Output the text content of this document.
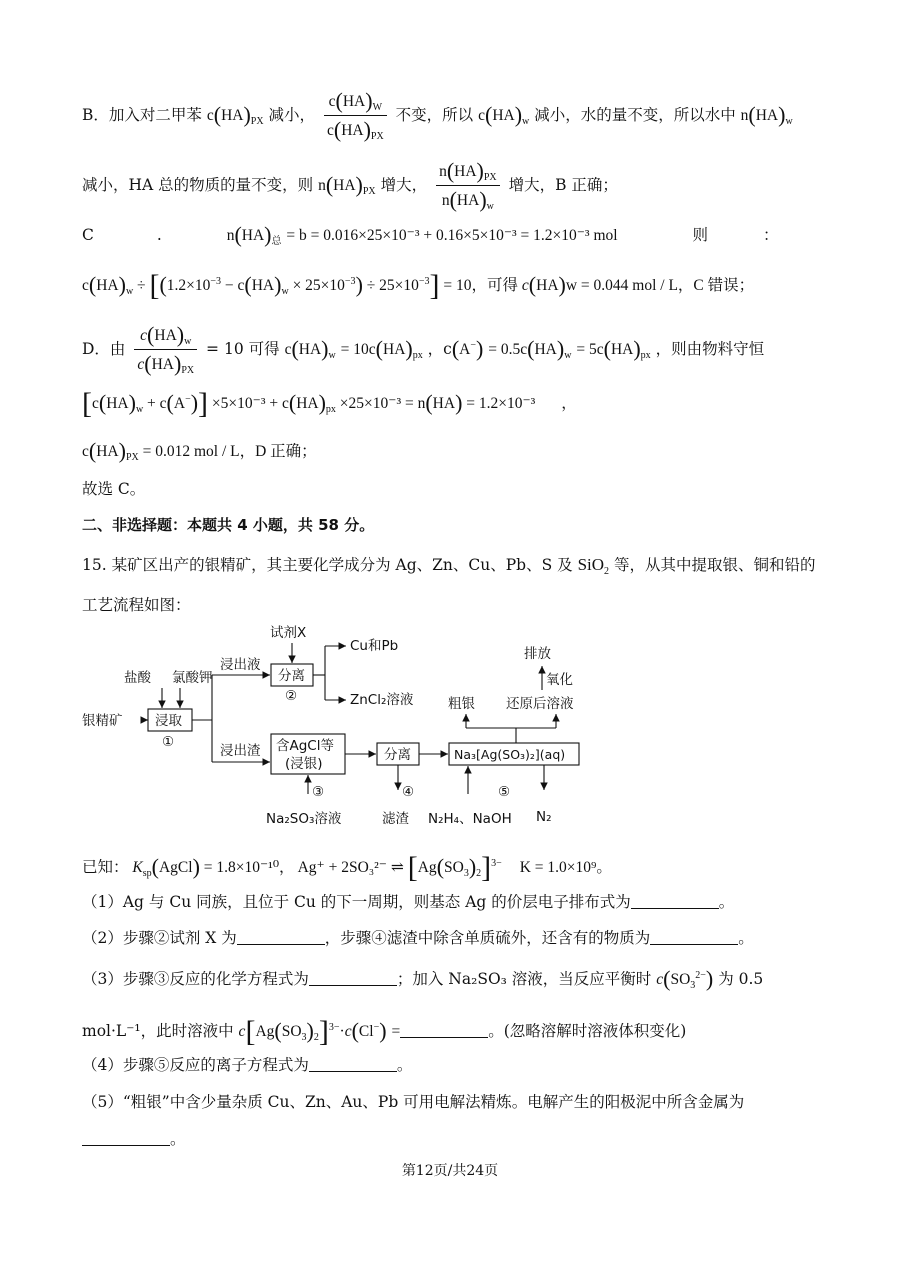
B．加入对二甲苯 $c(HA)_{PX}$ 减小， $\frac{c(HA)_W}{c(HA)_{PX}}$ 不变，所以 $c(HA)_w$ 减小，水的量不变，所以水中 $n(HA)_w$
减小，HA 总的物质的量不变，则 $n(HA)_{PX}$ 增大， $\frac{n(HA)_{PX}}{n(HA)_w}$ 增大，B 正确；
C	.	$n(HA)_总 = b = 0.016\times 25\times 10^{-3} + 0.16\times 5\times 10^{-3} = 1.2\times 10^{-3}$ mol	则	：
$c(HA)_w \div [(1.2\times 10^{-3} - c(HA)_w \times 25\times 10^{-3}) \div 25\times 10^{-3}] = 10$，可得 c(HA)w = 0.044 mol / L，C 错误；
D．由 $\frac{c(HA)_w}{c(HA)_{PX}} = 10$ 可得 $c(HA)_w = 10c(HA)_{px}$ ，$c(A^-) = 0.5c(HA)_w = 5c(HA)_{px}$ ，则由物料守恒
$[c(HA)_w + c(A^-)] \times 5\times 10^{-3} + c(HA)_{px} \times 25\times 10^{-3} = n(HA) = 1.2\times 10^{-3}$ ，
$c(HA)_{PX} = 0.012$ mol / L，D 正确；
故选 C。
二、非选择题：本题共 4 小题，共 58 分。
15. 某矿区出产的银精矿，其主要化学成分为 Ag、Zn、Cu、Pb、S 及 SiO$_2$ 等，从其中提取银、铜和铅的
工艺流程如图：
试剂X
Cu和Pb
浸出液
分离
②	ZnCl₂溶液
盐酸 氯酸钾
银精矿 浸取
①
浸出渣 含AgCl等
(浸银)
③
Na₂SO₃溶液
分离
④
滤渣
Na₃[Ag(SO₃)₂](aq)
⑤
N₂H₄、NaOH N₂
排放
氧化
粗银 还原后溶液
已知： $K_{sp}(AgCl) = 1.8\times 10^{-10}$， Ag⁺ + 2SO₃²⁻ ⇌ $[Ag(SO_3)_2]^{3-}$ K = 1.0×10⁹。
（1）Ag 与 Cu 同族，且位于 Cu 的下一周期，则基态 Ag 的价层电子排布式为	。
（2）步骤②试剂 X 为	，步骤④滤渣中除含单质硫外，还含有的物质为	。
（3）步骤③反应的化学方程式为	；加入 Na₂SO₃ 溶液，当反应平衡时 $c(SO_3^{2-})$ 为 0.5
mol·L⁻¹，此时溶液中 $c[Ag(SO_3)_2]^{3-}\cdot c(Cl^-)$ =	。(忽略溶解时溶液体积变化)
（4）步骤⑤反应的离子方程式为	。
（5）“粗银”中含少量杂质 Cu、Zn、Au、Pb 可用电解法精炼。电解产生的阳极泥中所含金属为
。
第12页/共24页
